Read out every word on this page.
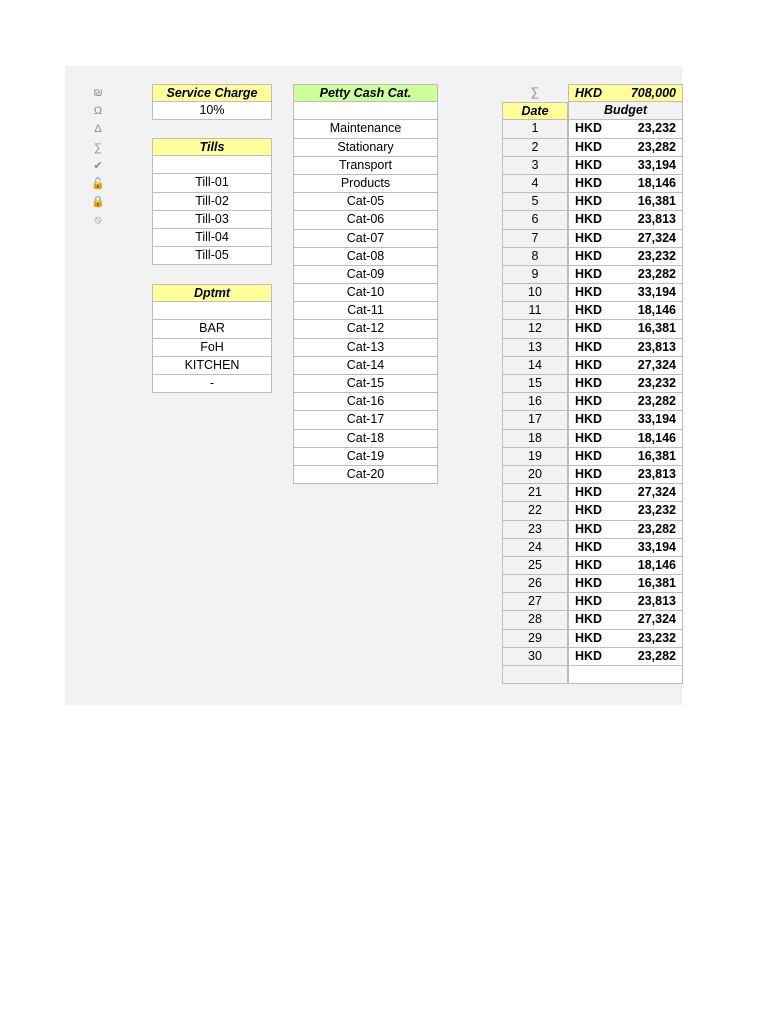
₪
Ω
Δ
∑
✔
🔓
🔒
⦸
Service Charge
10%
Tills
Till-01
Till-02
Till-03
Till-04
Till-05
Dptmt
BAR
FoH
KITCHEN
-
Petty Cash Cat.
Maintenance
Stationary
Transport
Products
Cat-05
Cat-06
Cat-07
Cat-08
Cat-09
Cat-10
Cat-11
Cat-12
Cat-13
Cat-14
Cat-15
Cat-16
Cat-17
Cat-18
Cat-19
Cat-20
∑	HKD 708,000
Date	Budget
1	HKD	23,232
2	HKD	23,282
3	HKD	33,194
4	HKD	18,146
5	HKD	16,381
6	HKD	23,813
7	HKD	27,324
8	HKD	23,232
9	HKD	23,282
10	HKD	33,194
11	HKD	18,146
12	HKD	16,381
13	HKD	23,813
14	HKD	27,324
15	HKD	23,232
16	HKD	23,282
17	HKD	33,194
18	HKD	18,146
19	HKD	16,381
20	HKD	23,813
21	HKD	27,324
22	HKD	23,232
23	HKD	23,282
24	HKD	33,194
25	HKD	18,146
26	HKD	16,381
27	HKD	23,813
28	HKD	27,324
29	HKD	23,232
30	HKD	23,282
